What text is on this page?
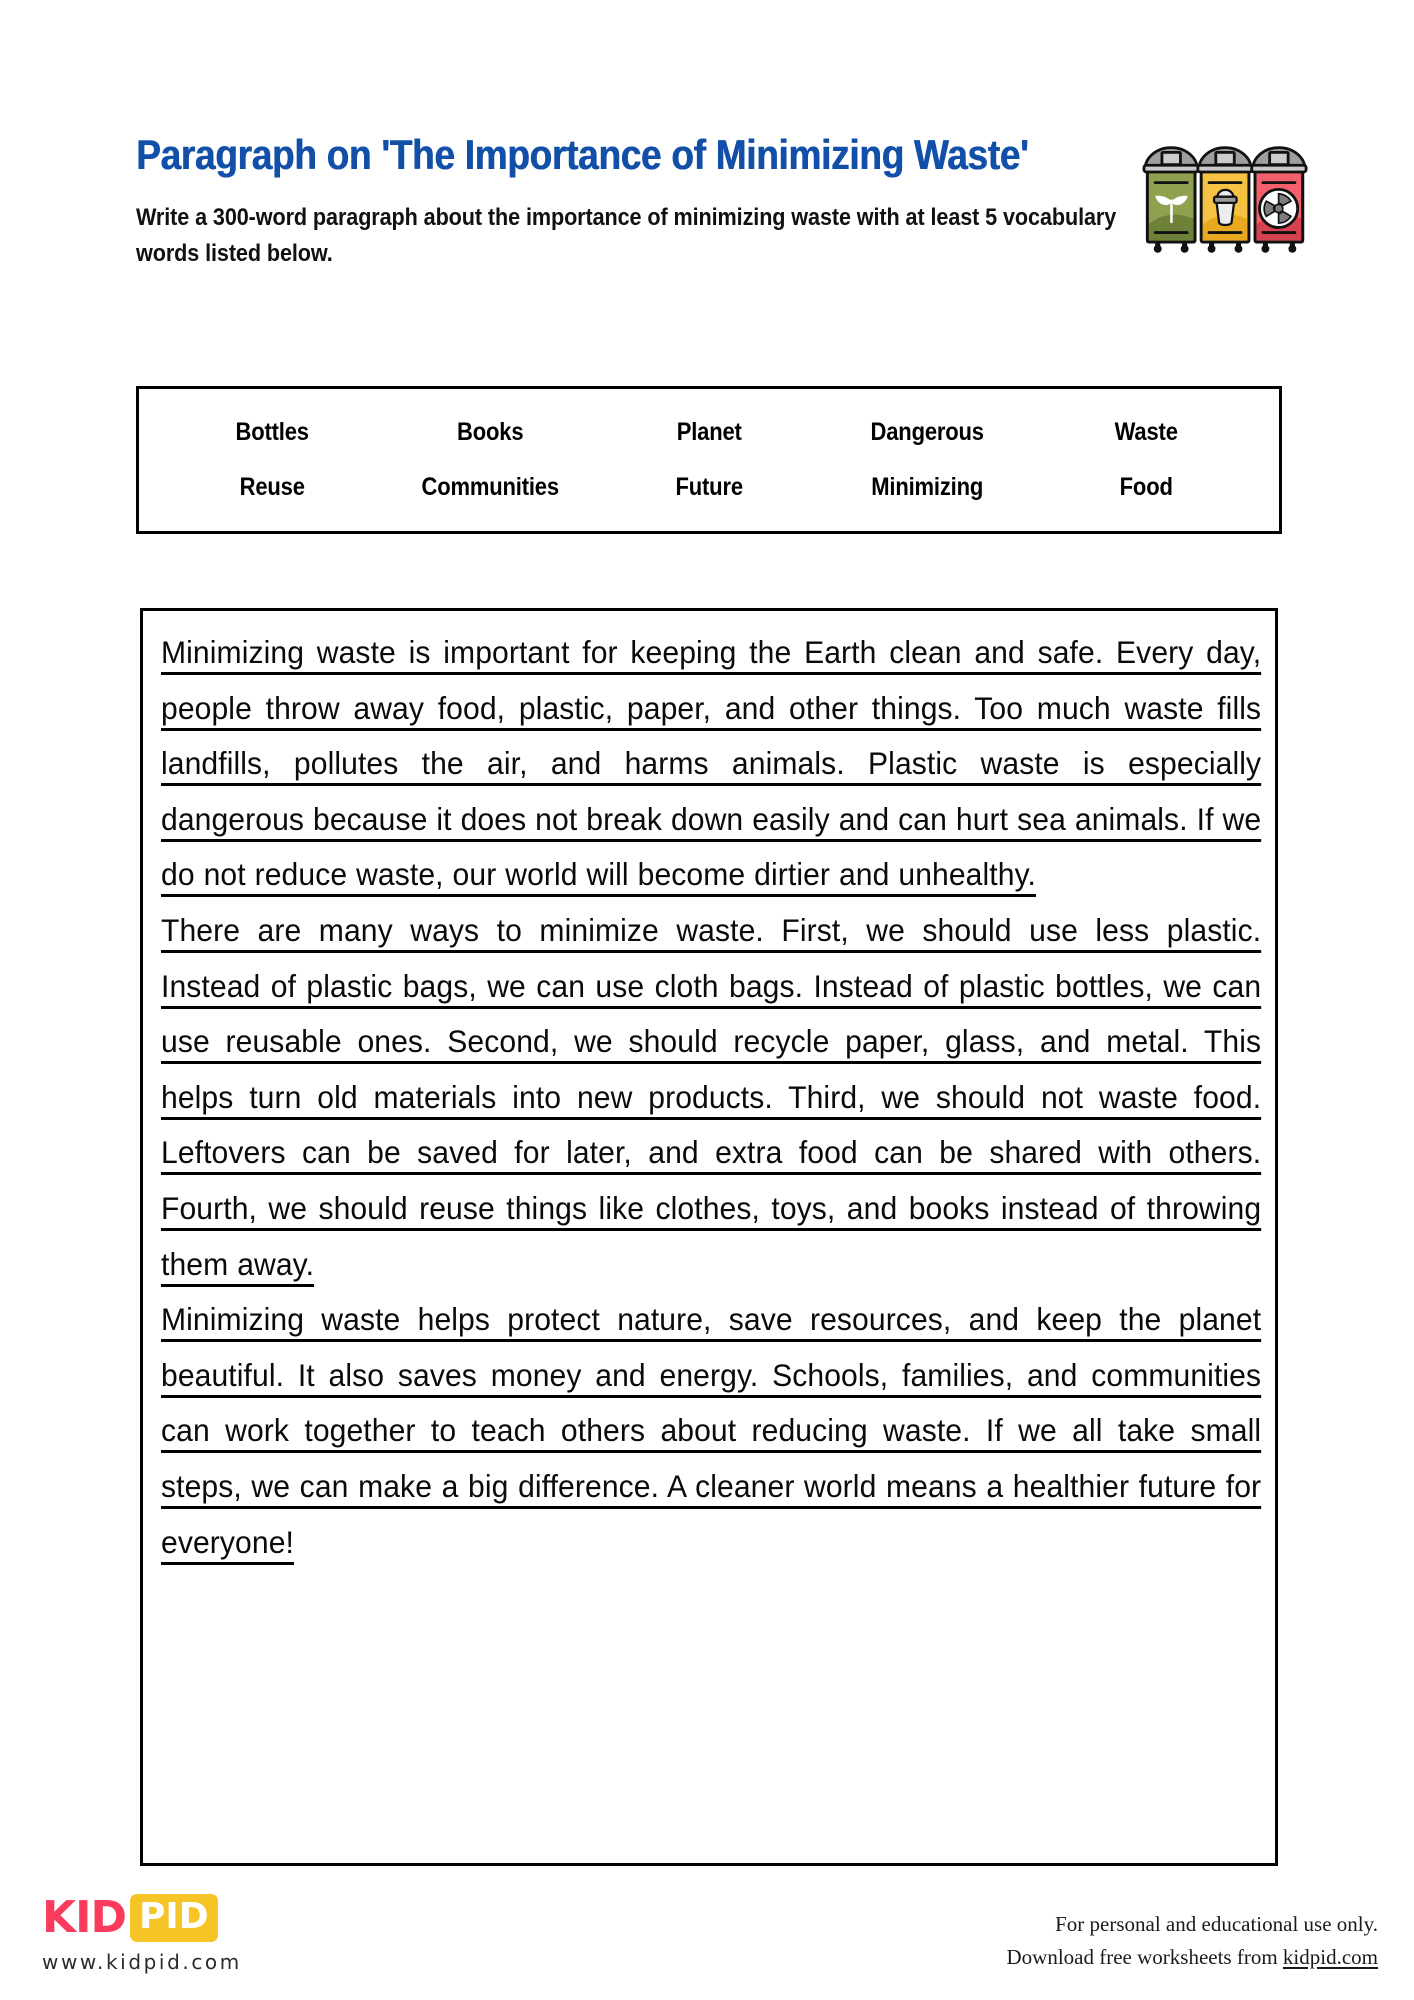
Paragraph on 'The Importance of Minimizing Waste'
Write a 300-word paragraph about the importance of minimizing waste with at least 5 vocabulary words listed below.
Bottles	Books	Planet	Dangerous	Waste
Reuse	Communities	Future	Minimizing	Food
Minimizing waste is important for keeping the Earth clean and safe. Every day, people throw away food, plastic, paper, and other things. Too much waste fills landfills, pollutes the air, and harms animals. Plastic waste is especially dangerous because it does not break down easily and can hurt sea animals. If we do not reduce waste, our world will become dirtier and unhealthy.
There are many ways to minimize waste. First, we should use less plastic. Instead of plastic bags, we can use cloth bags. Instead of plastic bottles, we can use reusable ones. Second, we should recycle paper, glass, and metal. This helps turn old materials into new products. Third, we should not waste food. Leftovers can be saved for later, and extra food can be shared with others. Fourth, we should reuse things like clothes, toys, and books instead of throwing them away.
Minimizing waste helps protect nature, save resources, and keep the planet beautiful. It also saves money and energy. Schools, families, and communities can work together to teach others about reducing waste. If we all take small steps, we can make a big difference. A cleaner world means a healthier future for everyone!
KID PID
www.kidpid.com
For personal and educational use only.
Download free worksheets from kidpid.com
